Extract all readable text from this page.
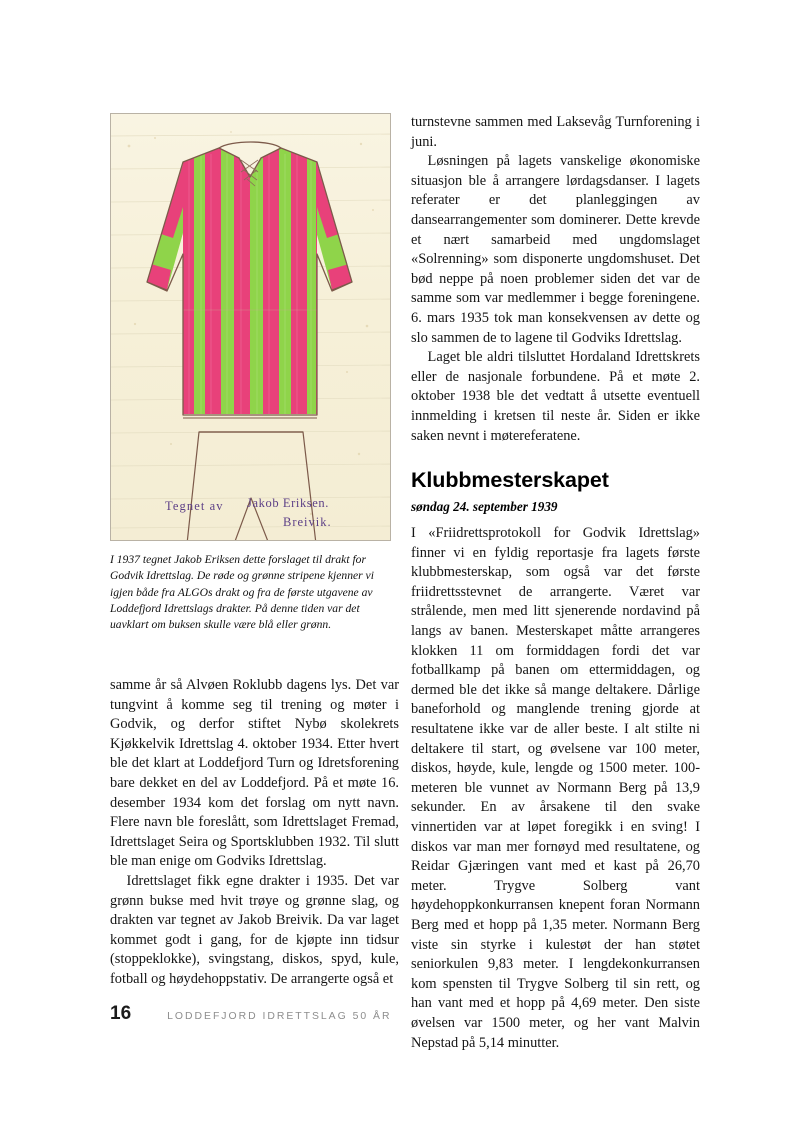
Tegnet av Jakob Eriksen.
Breivik.
I 1937 tegnet Jakob Eriksen dette forslaget til drakt for Godvik Idrettslag. De røde og grønne stripene kjenner vi igjen både fra ALGOs drakt og fra de første utgavene av Loddefjord Idrettslags drakter. På denne tiden var det uavklart om buksen skulle være blå eller grønn.

samme år så Alvøen Roklubb dagens lys. Det var tungvint å komme seg til trening og møter i Godvik, og derfor stiftet Nybø skolekrets Kjøkkelvik Idrettslag 4. oktober 1934. Etter hvert ble det klart at Loddefjord Turn og Idretsforening bare dekket en del av Loddefjord. På et møte 16. desember 1934 kom det forslag om nytt navn. Flere navn ble foreslått, som Idrettslaget Fremad, Idrettslaget Seira og Sportsklubben 1932. Til slutt ble man enige om Godviks Idrettslag.

Idrettslaget fikk egne drakter i 1935. Det var grønn bukse med hvit trøye og grønne slag, og drakten var tegnet av Jakob Breivik. Da var laget kommet godt i gang, for de kjøpte inn tidsur (stoppeklokke), svingstang, diskos, spyd, kule, fotball og høydehoppstativ. De arrangerte også et

turnstevne sammen med Laksevåg Turnforening i juni.

Løsningen på lagets vanskelige økonomiske situasjon ble å arrangere lørdagsdanser. I lagets referater er det planleggingen av dansearrangementer som dominerer. Dette krevde et nært samarbeid med ungdomslaget «Solrenning» som disponerte ungdomshuset. Det bød neppe på noen problemer siden det var de samme som var medlemmer i begge foreningene. 6. mars 1935 tok man konsekvensen av dette og slo sammen de to lagene til Godviks Idrettslag.

Laget ble aldri tilsluttet Hordaland Idrettskrets eller de nasjonale forbundene. På et møte 2. oktober 1938 ble det vedtatt å utsette eventuell innmelding i kretsen til neste år. Siden er ikke saken nevnt i møtereferatene.

Klubbmesterskapet
søndag 24. september 1939

I «Friidrettsprotokoll for Godvik Idrettslag» finner vi en fyldig reportasje fra lagets første klubbmesterskap, som også var det første friidrettsstevnet de arrangerte. Været var strålende, men med litt sjenerende nordavind på langs av banen. Mesterskapet måtte arrangeres klokken 11 om formiddagen fordi det var fotballkamp på banen om ettermiddagen, og dermed ble det ikke så mange deltakere. Dårlige baneforhold og manglende trening gjorde at resultatene ikke var de aller beste. I alt stilte ni deltakere til start, og øvelsene var 100 meter, diskos, høyde, kule, lengde og 1500 meter. 100-meteren ble vunnet av Normann Berg på 13,9 sekunder. En av årsakene til den svake vinnertiden var at løpet foregikk i en sving! I diskos var man mer fornøyd med resultatene, og Reidar Gjæringen vant med et kast på 26,70 meter. Trygve Solberg vant høydehoppkonkurransen knepent foran Normann Berg med et hopp på 1,35 meter. Normann Berg viste sin styrke i kulestøt der han støtet seniorkulen 9,83 meter. I lengdekonkurransen kom spensten til Trygve Solberg til sin rett, og han vant med et hopp på 4,69 meter. Den siste øvelsen var 1500 meter, og her vant Malvin Nepstad på 5,14 minutter.

16	LODDEFJORD IDRETTSLAG 50 ÅR
